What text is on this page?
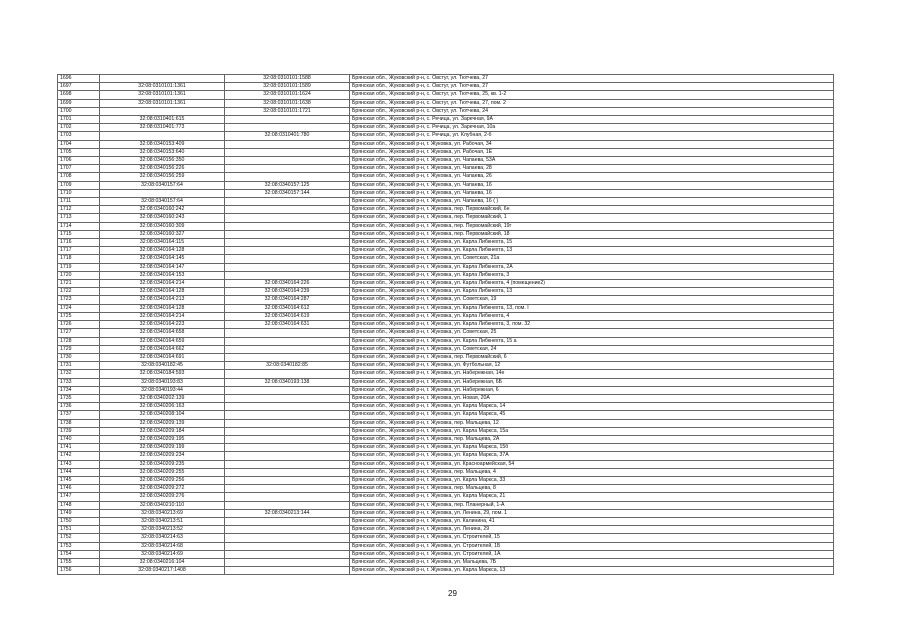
1696		32:08:0310101:1588	Брянская обл., Жуковский р-н, с. Овстуг, ул. Тютчева, 27
1697	32:08:0310101:1361	32:08:0310101:1589	Брянская обл., Жуковский р-н, с. Овстуг, ул. Тютчева, 27
1698	32:08:0310101:1361	32:08:0310101:1624	Брянская обл., Жуковский р-н, с. Овстуг, ул. Тютчева, 25, кв. 1-2
1699	32:08:0310101:1361	32:08:0310101:1638	Брянская обл., Жуковский р-н, с. Овстуг, ул. Тютчева, 27, пом. 2
1700		32:08:0310101:1721	Брянская обл., Жуковский р-н, с. Овстуг, ул. Тютчева, 24
1701	32:08:0310401:615		Брянская обл., Жуковский р-н, с. Речица, ул. Заречная, 9А
1702	32:08:0310401:773		Брянская обл., Жуковский р-н, с. Речица, ул. Заречная, 10а
1703		32:08:0310401:780	Брянская обл., Жуковский р-н, с. Речица, ул. Клубная, 2-б
1704	32:08:0340153:409		Брянская обл., Жуковский р-н, г. Жуковка, ул. Рабочая, 34
1705	32:08:0340153:640		Брянская обл., Жуковский р-н, г. Жуковка, ул. Рабочая, 1Е
1706	32:08:0340156:350		Брянская обл., Жуковский р-н, г. Жуковка, ул. Чапаева, 53А
1707	32:08:0340156:226		Брянская обл., Жуковский р-н, г. Жуковка, ул. Чапаева, 28
1708	32:08:0340156:259		Брянская обл., Жуковский р-н, г. Жуковка, ул. Чапаева, 26
1709	32:08:0340157:64	32:08:0340157:125	Брянская обл., Жуковский р-н, г. Жуковка, ул. Чапаева, 16
1710		32:08:0340157:144	Брянская обл., Жуковский р-н, г. Жуковка, ул. Чапаева, 16
1711	32:08:0340157:64		Брянская обл., Жуковский р-н, г. Жуковка, ул. Чапаева, 16 ( )
1712	32:08:0340160:242		Брянская обл., Жуковский р-н, г. Жуковка, пер. Первомайский, 6н
1713	32:08:0340160:243		Брянская обл., Жуковский р-н, г. Жуковка, пер. Первомайский, 1
1714	32:08:0340160:309		Брянская обл., Жуковский р-н, г. Жуковка, пер. Первомайский, 19г
1715	32:08:0340160:327		Брянская обл., Жуковский р-н, г. Жуковка, пер. Первомайский, 18
1716	32:08:0340164:115		Брянская обл., Жуковский р-н, г. Жуковка, ул. Карла Либкнехта, 15
1717	32:08:0340164:128		Брянская обл., Жуковский р-н, г. Жуковка, ул. Карла Либкнехта, 13
1718	32:08:0340164:145		Брянская обл., Жуковский р-н, г. Жуковка, ул. Советская, 21а
1719	32:08:0340164:147		Брянская обл., Жуковский р-н, г. Жуковка, ул. Карла Либкнехта, 2А
1720	32:08:0340164:153		Брянская обл., Жуковский р-н, г. Жуковка, ул. Карла Либкнехта, 3
1721	32:08:0340164:214	32:08:0340164:226	Брянская обл., Жуковский р-н, г. Жуковка, ул. Карла Либкнехта, 4 (помещение2)
1722	32:08:0340164:128	32:08:0340164:239	Брянская обл., Жуковский р-н, г. Жуковка, ул. Карла Либкнехта, 13
1723	32:08:0340164:213	32:08:0340164:287	Брянская обл., Жуковский р-н, г. Жуковка, ул. Советская, 19
1724	32:08:0340164:128	32:08:0340164:612	Брянская обл., Жуковский р-н, г. Жуковка, ул. Карла Либкнехта, 13, пом. I
1725	32:08:0340164:214	32:08:0340164:619	Брянская обл., Жуковский р-н, г. Жуковка, ул. Карла Либкнехта, 4
1726	32:08:0340164:223	32:08:0340164:631	Брянская обл., Жуковский р-н, г. Жуковка, ул. Карла Либкнехта, 3, пом. 32
1727	32:08:0340164:658		Брянская обл., Жуковский р-н, г. Жуковка, ул. Советская, 25
1728	32:08:0340164:659		Брянская обл., Жуковский р-н, г. Жуковка, ул. Карла Либкнехта, 15 а
1729	32:08:0340164:662		Брянская обл., Жуковский р-н, г. Жуковка, ул. Советская, 24
1730	32:08:0340164:691		Брянская обл., Жуковский р-н, г. Жуковка, пер. Первомайский, 6
1731	32:08:0340182:45	32:08:0340182:85	Брянская обл., Жуковский р-н, г. Жуковка, ул. Футбольная, 12
1732	32:08:0340184:593		Брянская обл., Жуковский р-н, г. Жуковка, ул. Набережная, 14е
1733	32:08:0340193:83	32:08:0340193:138	Брянская обл., Жуковский р-н, г. Жуковка, ул. Набережная, 6Б
1734	32:08:0340193:44		Брянская обл., Жуковский р-н, г. Жуковка, ул. Набережная, 6
1735	32:08:0340202:139		Брянская обл., Жуковский р-н, г. Жуковка, ул. Новая, 20А
1736	32:08:0340206:163		Брянская обл., Жуковский р-н, г. Жуковка, ул. Карла Маркса, 14
1737	32:08:0340208:104		Брянская обл., Жуковский р-н, г. Жуковка, ул. Карла Маркса, 45
1738	32:08:0340209:139		Брянская обл., Жуковский р-н, г. Жуковка, пер. Мальцева, 12
1739	32:08:0340209:184		Брянская обл., Жуковский р-н, г. Жуковка, ул. Карла Маркса, 15а
1740	32:08:0340209:195		Брянская обл., Жуковский р-н, г. Жуковка, пер. Мальцева, 2А
1741	32:08:0340209:199		Брянская обл., Жуковский р-н, г. Жуковка, ул. Карла Маркса, 15б
1742	32:08:0340209:234		Брянская обл., Жуковский р-н, г. Жуковка, ул. Карла Маркса, 37А
1743	32:08:0340209:235		Брянская обл., Жуковский р-н, г. Жуковка, ул. Красноармейская, 54
1744	32:08:0340209:255		Брянская обл., Жуковский р-н, г. Жуковка, пер. Мальцева, 4
1745	32:08:0340209:256		Брянская обл., Жуковский р-н, г. Жуковка, ул. Карла Маркса, 33
1746	32:08:0340209:272		Брянская обл., Жуковский р-н, г. Жуковка, пер. Мальцева, 8
1747	32:08:0340209:276		Брянская обл., Жуковский р-н, г. Жуковка, ул. Карла Маркса, 21
1748	32:08:0340210:110		Брянская обл., Жуковский р-н, г. Жуковка, пер. Планерный, 1-А
1749	32:08:0340213:69	32:08:0340213:144	Брянская обл., Жуковский р-н, г. Жуковка, ул. Ленина, 29, пом. 1
1750	32:08:0340213:51		Брянская обл., Жуковский р-н, г. Жуковка, ул. Калинина, 41
1751	32:08:0340213:52		Брянская обл., Жуковский р-н, г. Жуковка, ул. Ленина, 29
1752	32:08:0340214:63		Брянская обл., Жуковский р-н, г. Жуковка, ул. Строителей, 15
1753	32:08:0340214:68		Брянская обл., Жуковский р-н, г. Жуковка, ул. Строителей, 1Б
1754	32:08:0340214:69		Брянская обл., Жуковский р-н, г. Жуковка, ул. Строителей, 1А
1755	32:08:0340216:104		Брянская обл., Жуковский р-н, г. Жуковка, ул. Мальцева, 7Б
1756	32:08:0340217:1408		Брянская обл., Жуковский р-н, г. Жуковка, ул. Карла Маркса, 13
29
